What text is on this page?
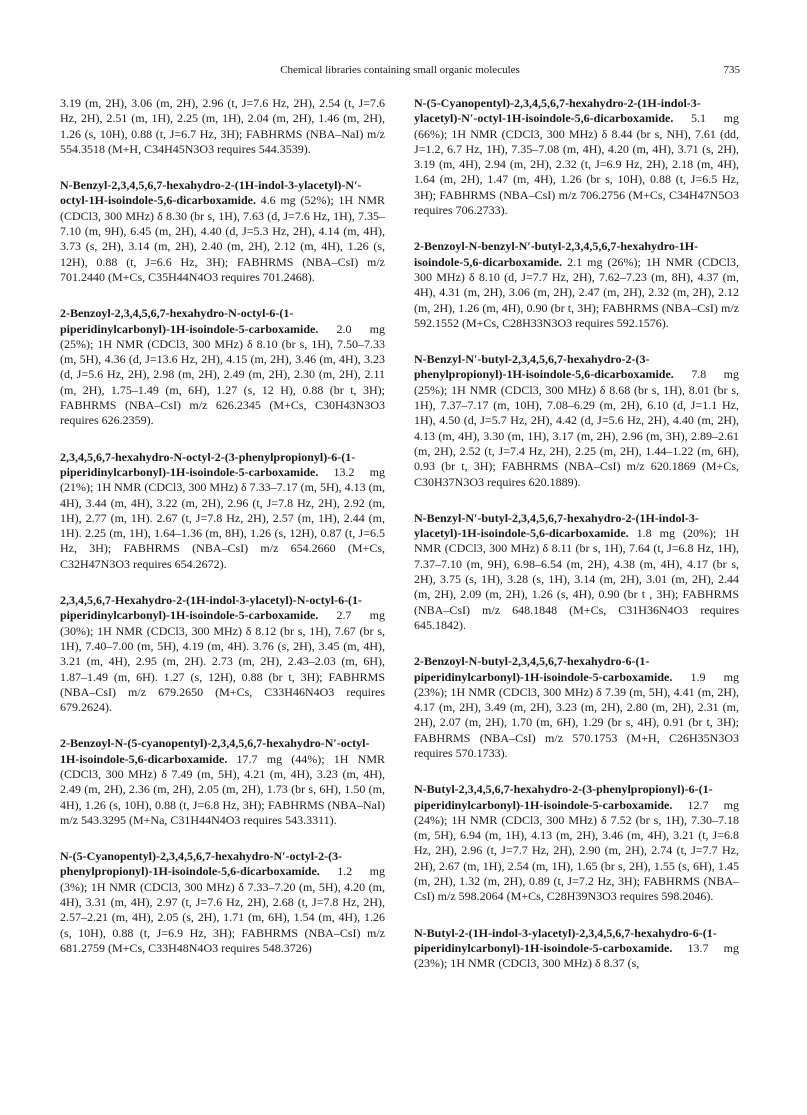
Chemical libraries containing small organic molecules	735

3.19 (m, 2H), 3.06 (m, 2H), 2.96 (t, J=7.6 Hz, 2H), 2.54 (t, J=7.6 Hz, 2H), 2.51 (m, 1H), 2.25 (m, 1H), 2.04 (m, 2H), 1.46 (m, 2H), 1.26 (s, 10H), 0.88 (t, J=6.7 Hz, 3H); FABHRMS (NBA–NaI) m/z 554.3518 (M+H, C34H45N3O3 requires 544.3539).

N-Benzyl-2,3,4,5,6,7-hexahydro-2-(1H-indol-3-ylacetyl)-N′-octyl-1H-isoindole-5,6-dicarboxamide. 4.6 mg (52%); 1H NMR (CDCl3, 300 MHz) δ 8.30 (br s, 1H), 7.63 (d, J=7.6 Hz, 1H), 7.35–7.10 (m, 9H), 6.45 (m, 2H), 4.40 (d, J=5.3 Hz, 2H), 4.14 (m, 4H), 3.73 (s, 2H), 3.14 (m, 2H), 2.40 (m, 2H), 2.12 (m, 4H), 1.26 (s, 12H), 0.88 (t, J=6.6 Hz, 3H); FABHRMS (NBA–CsI) m/z 701.2440 (M+Cs, C35H44N4O3 requires 701.2468).

2-Benzoyl-2,3,4,5,6,7-hexahydro-N-octyl-6-(1-piperidinylcarbonyl)-1H-isoindole-5-carboxamide. 2.0 mg (25%); 1H NMR (CDCl3, 300 MHz) δ 8.10 (br s, 1H), 7.50–7.33 (m, 5H), 4.36 (d, J=13.6 Hz, 2H), 4.15 (m, 2H), 3.46 (m, 4H), 3.23 (d, J=5.6 Hz, 2H), 2.98 (m, 2H), 2.49 (m, 2H), 2.30 (m, 2H), 2.11 (m, 2H), 1.75–1.49 (m, 6H), 1.27 (s, 12 H), 0.88 (br t, 3H); FABHRMS (NBA–CsI) m/z 626.2345 (M+Cs, C30H43N3O3 requires 626.2359).

2,3,4,5,6,7-hexahydro-N-octyl-2-(3-phenylpropionyl)-6-(1-piperidinylcarbonyl)-1H-isoindole-5-carboxamide. 13.2 mg (21%); 1H NMR (CDCl3, 300 MHz) δ 7.33–7.17 (m, 5H), 4.13 (m, 4H), 3.44 (m, 4H), 3.22 (m, 2H), 2.96 (t, J=7.8 Hz, 2H), 2.92 (m, 1H), 2.77 (m, 1H). 2.67 (t, J=7.8 Hz, 2H), 2.57 (m, 1H), 2.44 (m, 1H). 2.25 (m, 1H), 1.64–1.36 (m, 8H), 1.26 (s, 12H), 0.87 (t, J=6.5 Hz, 3H); FABHRMS (NBA–CsI) m/z 654.2660 (M+Cs, C32H47N3O3 requires 654.2672).

2,3,4,5,6,7-Hexahydro-2-(1H-indol-3-ylacetyl)-N-octyl-6-(1-piperidinylcarbonyl)-1H-isoindole-5-carboxamide. 2.7 mg (30%); 1H NMR (CDCl3, 300 MHz) δ 8.12 (br s, 1H), 7.67 (br s, 1H), 7.40–7.00 (m, 5H), 4.19 (m, 4H). 3.76 (s, 2H), 3.45 (m, 4H), 3.21 (m, 4H), 2.95 (m, 2H). 2.73 (m, 2H), 2.43–2.03 (m, 6H), 1.87–1.49 (m, 6H). 1.27 (s, 12H), 0.88 (br t, 3H); FABHRMS (NBA–CsI) m/z 679.2650 (M+Cs, C33H46N4O3 requires 679.2624).

2-Benzoyl-N-(5-cyanopentyl)-2,3,4,5,6,7-hexahydro-N′-octyl-1H-isoindole-5,6-dicarboxamide. 17.7 mg (44%); 1H NMR (CDCl3, 300 MHz) δ 7.49 (m, 5H), 4.21 (m, 4H), 3.23 (m, 4H), 2.49 (m, 2H), 2.36 (m, 2H), 2.05 (m, 2H), 1.73 (br s, 6H), 1.50 (m, 4H), 1.26 (s, 10H), 0.88 (t, J=6.8 Hz, 3H); FABHRMS (NBA–NaI) m/z 543.3295 (M+Na, C31H44N4O3 requires 543.3311).

N-(5-Cyanopentyl)-2,3,4,5,6,7-hexahydro-N′-octyl-2-(3-phenylpropionyl)-1H-isoindole-5,6-dicarboxamide. 1.2 mg (3%); 1H NMR (CDCl3, 300 MHz) δ 7.33–7.20 (m, 5H), 4.20 (m, 4H), 3.31 (m, 4H), 2.97 (t, J=7.6 Hz, 2H), 2.68 (t, J=7.8 Hz, 2H), 2.57–2.21 (m, 4H), 2.05 (s, 2H), 1.71 (m, 6H), 1.54 (m, 4H), 1.26 (s, 10H), 0.88 (t, J=6.9 Hz, 3H); FABHRMS (NBA–CsI) m/z 681.2759 (M+Cs, C33H48N4O3 requires 548.3726)

N-(5-Cyanopentyl)-2,3,4,5,6,7-hexahydro-2-(1H-indol-3-ylacetyl)-N′-octyl-1H-isoindole-5,6-dicarboxamide. 5.1 mg (66%); 1H NMR (CDCl3, 300 MHz) δ 8.44 (br s, NH), 7.61 (dd, J=1.2, 6.7 Hz, 1H), 7.35–7.08 (m, 4H), 4.20 (m, 4H), 3.71 (s, 2H), 3.19 (m, 4H), 2.94 (m, 2H), 2.32 (t, J=6.9 Hz, 2H), 2.18 (m, 4H), 1.64 (m, 2H), 1.47 (m, 4H), 1.26 (br s, 10H), 0.88 (t, J=6.5 Hz, 3H); FABHRMS (NBA–CsI) m/z 706.2756 (M+Cs, C34H47N5O3 requires 706.2733).

2-Benzoyl-N-benzyl-N′-butyl-2,3,4,5,6,7-hexahydro-1H-isoindole-5,6-dicarboxamide. 2.1 mg (26%); 1H NMR (CDCl3, 300 MHz) δ 8.10 (d, J=7.7 Hz, 2H), 7.62–7.23 (m, 8H), 4.37 (m, 4H), 4.31 (m, 2H), 3.06 (m, 2H), 2.47 (m, 2H), 2.32 (m, 2H), 2.12 (m, 2H), 1.26 (m, 4H), 0.90 (br t, 3H); FABHRMS (NBA–CsI) m/z 592.1552 (M+Cs, C28H33N3O3 requires 592.1576).

N-Benzyl-N′-butyl-2,3,4,5,6,7-hexahydro-2-(3-phenylpropionyl)-1H-isoindole-5,6-dicarboxamide. 7.8 mg (25%); 1H NMR (CDCl3, 300 MHz) δ 8.68 (br s, 1H), 8.01 (br s, 1H), 7.37–7.17 (m, 10H), 7.08–6.29 (m, 2H), 6.10 (d, J=1.1 Hz, 1H), 4.50 (d, J=5.7 Hz, 2H), 4.42 (d, J=5.6 Hz, 2H), 4.40 (m, 2H), 4.13 (m, 4H), 3.30 (m, 1H), 3.17 (m, 2H), 2.96 (m, 3H), 2.89–2.61 (m, 2H), 2.52 (t, J=7.4 Hz, 2H), 2.25 (m, 2H), 1.44–1.22 (m, 6H), 0.93 (br t, 3H); FABHRMS (NBA–CsI) m/z 620.1869 (M+Cs, C30H37N3O3 requires 620.1889).

N-Benzyl-N′-butyl-2,3,4,5,6,7-hexahydro-2-(1H-indol-3-ylacetyl)-1H-isoindole-5,6-dicarboxamide. 1.8 mg (20%); 1H NMR (CDCl3, 300 MHz) δ 8.11 (br s, 1H), 7.64 (t, J=6.8 Hz, 1H), 7.37–7.10 (m, 9H), 6.98–6.54 (m, 2H), 4.38 (m, 4H), 4.17 (br s, 2H), 3.75 (s, 1H), 3.28 (s, 1H), 3.14 (m, 2H), 3.01 (m, 2H), 2.44 (m, 2H), 2.09 (m, 2H), 1.26 (s, 4H), 0.90 (br t , 3H); FABHRMS (NBA–CsI) m/z 648.1848 (M+Cs, C31H36N4O3 requires 645.1842).

2-Benzoyl-N-butyl-2,3,4,5,6,7-hexahydro-6-(1-piperidinylcarbonyl)-1H-isoindole-5-carboxamide. 1.9 mg (23%); 1H NMR (CDCl3, 300 MHz) δ 7.39 (m, 5H), 4.41 (m, 2H), 4.17 (m, 2H), 3.49 (m, 2H), 3.23 (m, 2H), 2.80 (m, 2H), 2.31 (m, 2H), 2.07 (m, 2H), 1.70 (m, 6H), 1.29 (br s, 4H), 0.91 (br t, 3H); FABHRMS (NBA–CsI) m/z 570.1753 (M+H, C26H35N3O3 requires 570.1733).

N-Butyl-2,3,4,5,6,7-hexahydro-2-(3-phenylpropionyl)-6-(1-piperidinylcarbonyl)-1H-isoindole-5-carboxamide. 12.7 mg (24%); 1H NMR (CDCl3, 300 MHz) δ 7.52 (br s, 1H), 7.30–7.18 (m, 5H), 6.94 (m, 1H), 4.13 (m, 2H), 3.46 (m, 4H), 3.21 (t, J=6.8 Hz, 2H), 2.96 (t, J=7.7 Hz, 2H), 2.90 (m, 2H), 2.74 (t, J=7.7 Hz, 2H), 2.67 (m, 1H), 2.54 (m, 1H), 1.65 (br s, 2H), 1.55 (s, 6H), 1.45 (m, 2H), 1.32 (m, 2H), 0.89 (t, J=7.2 Hz, 3H); FABHRMS (NBA–CsI) m/z 598.2064 (M+Cs, C28H39N3O3 requires 598.2046).

N-Butyl-2-(1H-indol-3-ylacetyl)-2,3,4,5,6,7-hexahydro-6-(1-piperidinylcarbonyl)-1H-isoindole-5-carboxamide. 13.7 mg (23%); 1H NMR (CDCl3, 300 MHz) δ 8.37 (s,
